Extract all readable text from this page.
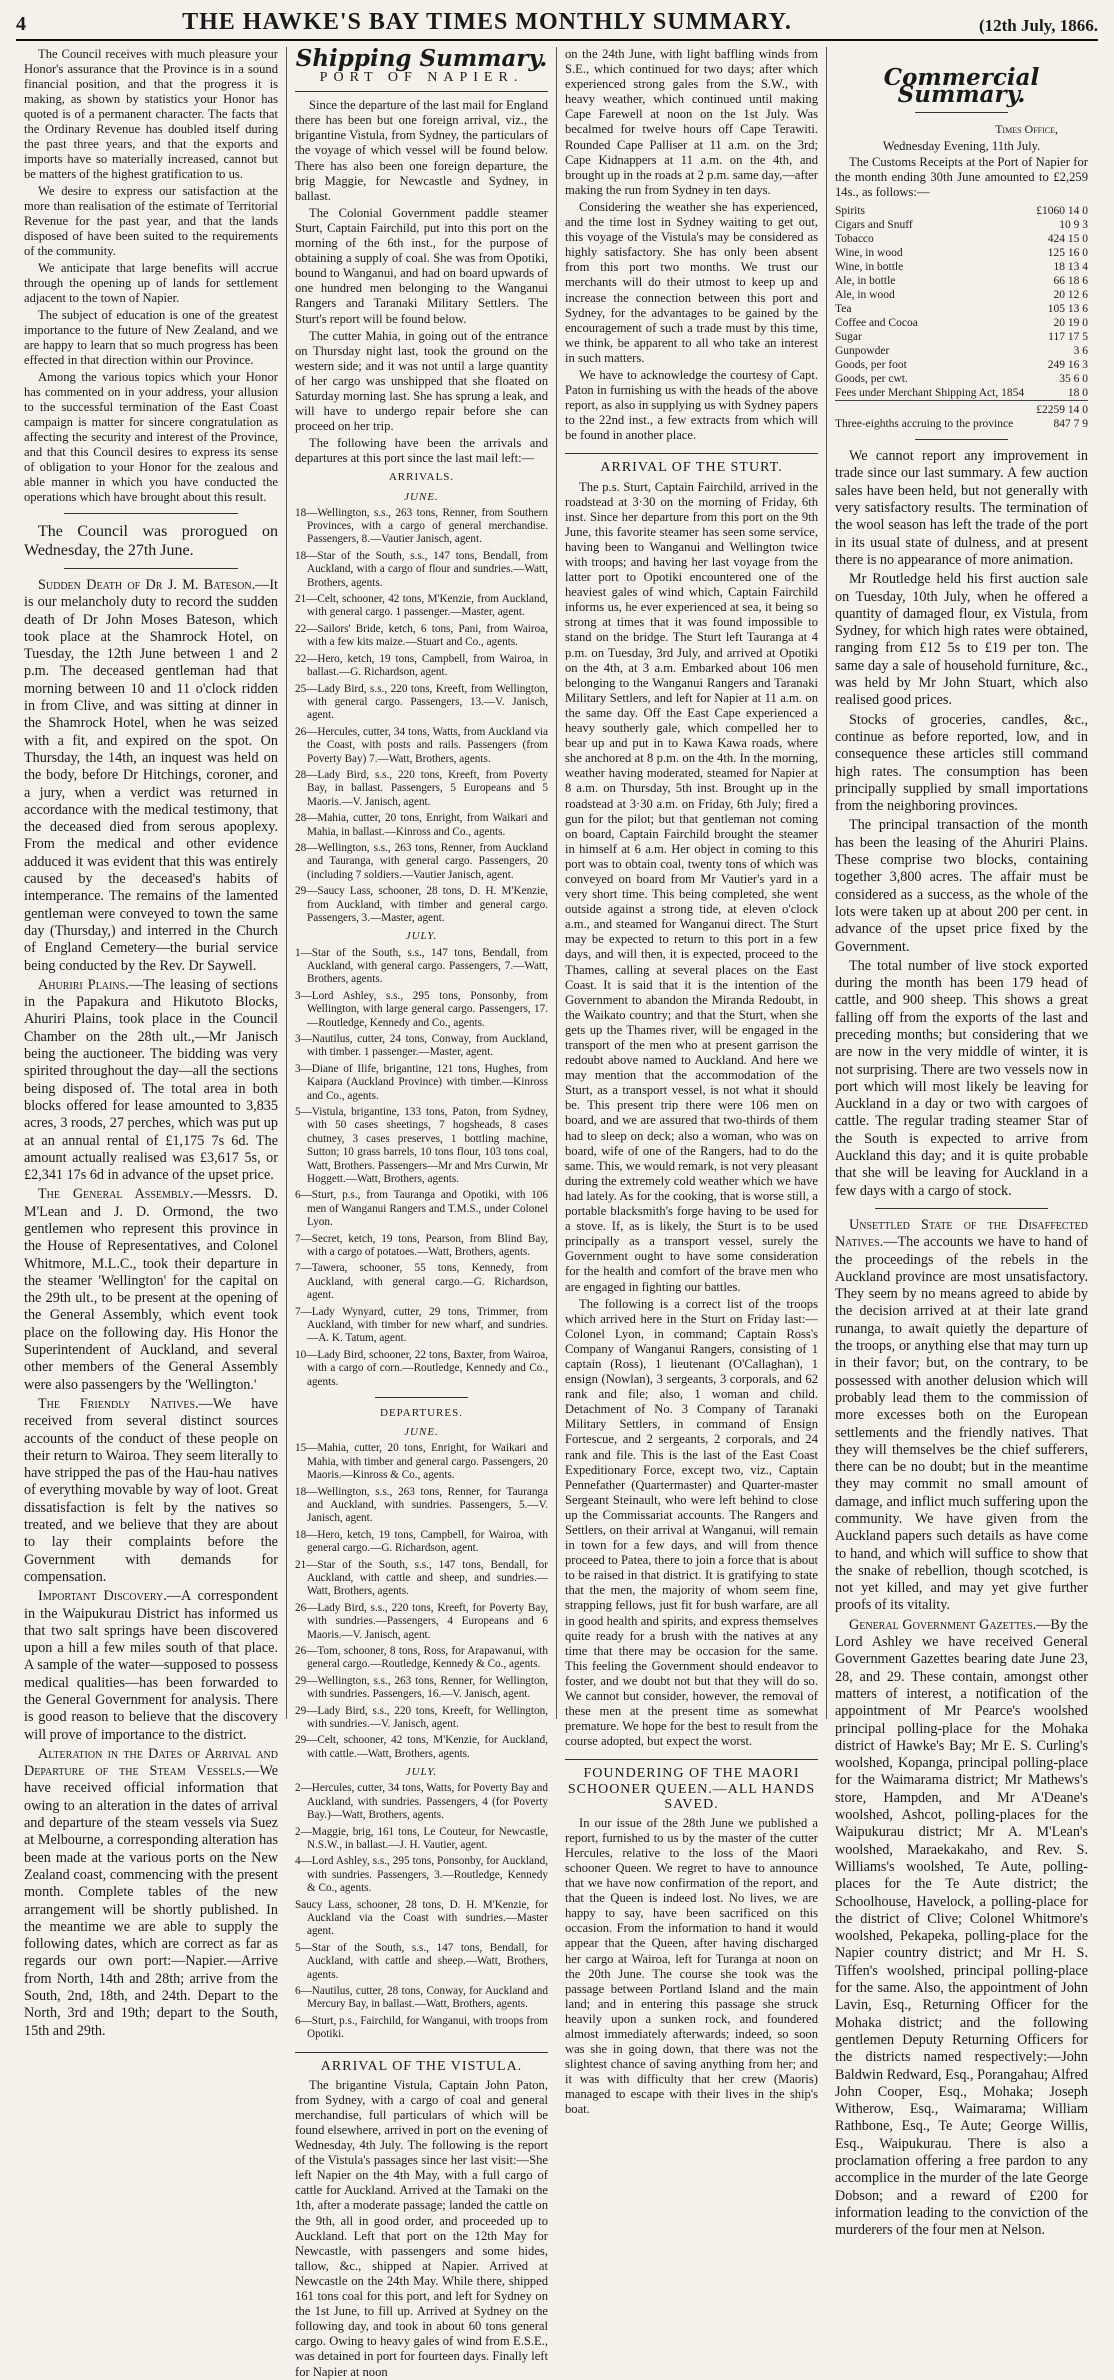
4	THE HAWKE'S BAY TIMES MONTHLY SUMMARY.	(12th July, 1866.

The Council receives with much pleasure your Honor's assurance that the Province is in a sound financial position, and that the progress it is making, as shown by statistics your Honor has quoted is of a permanent character. The facts that the Ordinary Revenue has doubled itself during the past three years, and that the exports and imports have so materially increased, cannot but be matters of the highest gratification to us.

We desire to express our satisfaction at the more than realisation of the estimate of Territorial Revenue for the past year, and that the lands disposed of have been suited to the requirements of the community.

We anticipate that large benefits will accrue through the opening up of lands for settlement adjacent to the town of Napier.

The subject of education is one of the greatest importance to the future of New Zealand, and we are happy to learn that so much progress has been effected in that direction within our Province.

Among the various topics which your Honor has commented on in your address, your allusion to the successful termination of the East Coast campaign is matter for sincere congratulation as affecting the security and interest of the Province, and that this Council desires to express its sense of obligation to your Honor for the zealous and able manner in which you have conducted the operations which have brought about this result.

The Council was prorogued on Wednesday, the 27th June.

Sudden Death of Dr J. M. Bateson.—It is our melancholy duty to record the sudden death of Dr John Moses Bateson, which took place at the Shamrock Hotel, on Tuesday, the 12th June between 1 and 2 p.m. The deceased gentleman had that morning between 10 and 11 o'clock ridden in from Clive, and was sitting at dinner in the Shamrock Hotel, when he was seized with a fit, and expired on the spot. On Thursday, the 14th, an inquest was held on the body, before Dr Hitchings, coroner, and a jury, when a verdict was returned in accordance with the medical testimony, that the deceased died from serous apoplexy. From the medical and other evidence adduced it was evident that this was entirely caused by the deceased's habits of intemperance. The remains of the lamented gentleman were conveyed to town the same day (Thursday,) and interred in the Church of England Cemetery—the burial service being conducted by the Rev. Dr Saywell.

Ahuriri Plains.—The leasing of sections in the Papakura and Hikutoto Blocks, Ahuriri Plains, took place in the Council Chamber on the 28th ult.,—Mr Janisch being the auctioneer. The bidding was very spirited throughout the day—all the sections being disposed of. The total area in both blocks offered for lease amounted to 3,835 acres, 3 roods, 27 perches, which was put up at an annual rental of £1,175 7s 6d. The amount actually realised was £3,617 5s, or £2,341 17s 6d in advance of the upset price.

The General Assembly.—Messrs. D. M'Lean and J. D. Ormond, the two gentlemen who represent this province in the House of Representatives, and Colonel Whitmore, M.L.C., took their departure in the steamer 'Wellington' for the capital on the 29th ult., to be present at the opening of the General Assembly, which event took place on the following day. His Honor the Superintendent of Auckland, and several other members of the General Assembly were also passengers by the 'Wellington.'

The Friendly Natives.—We have received from several distinct sources accounts of the conduct of these people on their return to Wairoa. They seem literally to have stripped the pas of the Hau-hau natives of everything movable by way of loot. Great dissatisfaction is felt by the natives so treated, and we believe that they are about to lay their complaints before the Government with demands for compensation.

Important Discovery.—A correspondent in the Waipukurau District has informed us that two salt springs have been discovered upon a hill a few miles south of that place. A sample of the water—supposed to possess medical qualities—has been forwarded to the General Government for analysis. There is good reason to believe that the discovery will prove of importance to the district.

Alteration in the Dates of Arrival and Departure of the Steam Vessels.—We have received official information that owing to an alteration in the dates of arrival and departure of the steam vessels via Suez at Melbourne, a corresponding alteration has been made at the various ports on the New Zealand coast, commencing with the present month. Complete tables of the new arrangement will be shortly published. In the meantime we are able to supply the following dates, which are correct as far as regards our own port:—Napier.—Arrive from North, 14th and 28th; arrive from the South, 2nd, 18th, and 24th. Depart to the North, 3rd and 19th; depart to the South, 15th and 29th.

Shipping Summary.
PORT OF NAPIER.

Since the departure of the last mail for England there has been but one foreign arrival, viz., the brigantine Vistula, from Sydney, the particulars of the voyage of which vessel will be found below. There has also been one foreign departure, the brig Maggie, for Newcastle and Sydney, in ballast.

The Colonial Government paddle steamer Sturt, Captain Fairchild, put into this port on the morning of the 6th inst., for the purpose of obtaining a supply of coal. She was from Opotiki, bound to Wanganui, and had on board upwards of one hundred men belonging to the Wanganui Rangers and Taranaki Military Settlers. The Sturt's report will be found below.

The cutter Mahia, in going out of the entrance on Thursday night last, took the ground on the western side; and it was not until a large quantity of her cargo was unshipped that she floated on Saturday morning last. She has sprung a leak, and will have to undergo repair before she can proceed on her trip.

The following have been the arrivals and departures at this port since the last mail left:—

ARRIVALS.
JUNE.
18—Wellington, s.s., 263 tons, Renner, from Southern Provinces, with a cargo of general merchandise. Passengers, 8.—Vautier Janisch, agent.
18—Star of the South, s.s., 147 tons, Bendall, from Auckland, with a cargo of flour and sundries.—Watt, Brothers, agents.
21—Celt, schooner, 42 tons, M'Kenzie, from Auckland, with general cargo. 1 passenger.—Master, agent.
22—Sailors' Bride, ketch, 6 tons, Pani, from Wairoa, with a few kits maize.—Stuart and Co., agents.
22—Hero, ketch, 19 tons, Campbell, from Wairoa, in ballast.—G. Richardson, agent.
25—Lady Bird, s.s., 220 tons, Kreeft, from Wellington, with general cargo. Passengers, 13.—V. Janisch, agent.
26—Hercules, cutter, 34 tons, Watts, from Auckland via the Coast, with posts and rails. Passengers (from Poverty Bay) 7.—Watt, Brothers, agents.
28—Lady Bird, s.s., 220 tons, Kreeft, from Poverty Bay, in ballast. Passengers, 5 Europeans and 5 Maoris.—V. Janisch, agent.
28—Mahia, cutter, 20 tons, Enright, from Waikari and Mahia, in ballast.—Kinross and Co., agents.
28—Wellington, s.s., 263 tons, Renner, from Auckland and Tauranga, with general cargo. Passengers, 20 (including 7 soldiers.—Vautier Janisch, agent.
29—Saucy Lass, schooner, 28 tons, D. H. M'Kenzie, from Auckland, with timber and general cargo. Passengers, 3.—Master, agent.
JULY.
1—Star of the South, s.s., 147 tons, Bendall, from Auckland, with general cargo. Passengers, 7.—Watt, Brothers, agents.
3—Lord Ashley, s.s., 295 tons, Ponsonby, from Wellington, with large general cargo. Passengers, 17.—Routledge, Kennedy and Co., agents.
3—Nautilus, cutter, 24 tons, Conway, from Auckland, with timber. 1 passenger.—Master, agent.
3—Diane of Ilife, brigantine, 121 tons, Hughes, from Kaipara (Auckland Province) with timber.—Kinross and Co., agents.
5—Vistula, brigantine, 133 tons, Paton, from Sydney, with 50 cases sheetings, 7 hogsheads, 8 cases chutney, 3 cases preserves, 1 bottling machine, Sutton; 10 grass barrels, 10 tons flour, 103 tons coal, Watt, Brothers. Passengers—Mr and Mrs Curwin, Mr Hoggett.—Watt, Brothers, agents.
6—Sturt, p.s., from Tauranga and Opotiki, with 106 men of Wanganui Rangers and T.M.S., under Colonel Lyon.
7—Secret, ketch, 19 tons, Pearson, from Blind Bay, with a cargo of potatoes.—Watt, Brothers, agents.
7—Tawera, schooner, 55 tons, Kennedy, from Auckland, with general cargo.—G. Richardson, agent.
7—Lady Wynyard, cutter, 29 tons, Trimmer, from Auckland, with timber for new wharf, and sundries.—A. K. Tatum, agent.
10—Lady Bird, schooner, 22 tons, Baxter, from Wairoa, with a cargo of corn.—Routledge, Kennedy and Co., agents.
DEPARTURES.
JUNE.
15—Mahia, cutter, 20 tons, Enright, for Waikari and Mahia, with timber and general cargo. Passengers, 20 Maoris.—Kinross & Co., agents.
18—Wellington, s.s., 263 tons, Renner, for Tauranga and Auckland, with sundries. Passengers, 5.—V. Janisch, agent.
18—Hero, ketch, 19 tons, Campbell, for Wairoa, with general cargo.—G. Richardson, agent.
21—Star of the South, s.s., 147 tons, Bendall, for Auckland, with cattle and sheep, and sundries.—Watt, Brothers, agents.
26—Lady Bird, s.s., 220 tons, Kreeft, for Poverty Bay, with sundries.—Passengers, 4 Europeans and 6 Maoris.—V. Janisch, agent.
26—Tom, schooner, 8 tons, Ross, for Arapawanui, with general cargo.—Routledge, Kennedy & Co., agents.
29—Wellington, s.s., 263 tons, Renner, for Wellington, with sundries. Passengers, 16.—V. Janisch, agent.
29—Lady Bird, s.s., 220 tons, Kreeft, for Wellington, with sundries.—V. Janisch, agent.
29—Celt, schooner, 42 tons, M'Kenzie, for Auckland, with cattle.—Watt, Brothers, agents.
JULY.
2—Hercules, cutter, 34 tons, Watts, for Poverty Bay and Auckland, with sundries. Passengers, 4 (for Poverty Bay.)—Watt, Brothers, agents.
2—Maggie, brig, 161 tons, Le Couteur, for Newcastle, N.S.W., in ballast.—J. H. Vautier, agent.
4—Lord Ashley, s.s., 295 tons, Ponsonby, for Auckland, with sundries. Passengers, 3.—Routledge, Kennedy & Co., agents.
Saucy Lass, schooner, 28 tons, D. H. M'Kenzie, for Auckland via the Coast with sundries.—Master agent.
5—Star of the South, s.s., 147 tons, Bendall, for Auckland, with cattle and sheep.—Watt, Brothers, agents.
6—Nautilus, cutter, 28 tons, Conway, for Auckland and Mercury Bay, in ballast.—Watt, Brothers, agents.
6—Sturt, p.s., Fairchild, for Wanganui, with troops from Opotiki.
ARRIVAL OF THE VISTULA.

The brigantine Vistula, Captain John Paton, from Sydney, with a cargo of coal and general merchandise, full particulars of which will be found elsewhere, arrived in port on the evening of Wednesday, 4th July. The following is the report of the Vistula's passages since her last visit:—She left Napier on the 4th May, with a full cargo of cattle for Auckland. Arrived at the Tamaki on the 1th, after a moderate passage; landed the cattle on the 9th, all in good order, and proceeded up to Auckland. Left that port on the 12th May for Newcastle, with passengers and some hides, tallow, &c., shipped at Napier. Arrived at Newcastle on the 24th May. While there, shipped 161 tons coal for this port, and left for Sydney on the 1st June, to fill up. Arrived at Sydney on the following day, and took in about 60 tons general cargo. Owing to heavy gales of wind from E.S.E., was detained in port for fourteen days. Finally left for Napier at noon

on the 24th June, with light baffling winds from S.E., which continued for two days; after which experienced strong gales from the S.W., with heavy weather, which continued until making Cape Farewell at noon on the 1st July. Was becalmed for twelve hours off Cape Terawiti. Rounded Cape Palliser at 11 a.m. on the 3rd; Cape Kidnappers at 11 a.m. on the 4th, and brought up in the roads at 2 p.m. same day,—after making the run from Sydney in ten days.

Considering the weather she has experienced, and the time lost in Sydney waiting to get out, this voyage of the Vistula's may be considered as highly satisfactory. She has only been absent from this port two months. We trust our merchants will do their utmost to keep up and increase the connection between this port and Sydney, for the advantages to be gained by the encouragement of such a trade must by this time, we think, be apparent to all who take an interest in such matters.

We have to acknowledge the courtesy of Capt. Paton in furnishing us with the heads of the above report, as also in supplying us with Sydney papers to the 22nd inst., a few extracts from which will be found in another place.

ARRIVAL OF THE STURT.

The p.s. Sturt, Captain Fairchild, arrived in the roadstead at 3·30 on the morning of Friday, 6th inst. Since her departure from this port on the 9th June, this favorite steamer has seen some service, having been to Wanganui and Wellington twice with troops; and having her last voyage from the latter port to Opotiki encountered one of the heaviest gales of wind which, Captain Fairchild informs us, he ever experienced at sea, it being so strong at times that it was found impossible to stand on the bridge. The Sturt left Tauranga at 4 p.m. on Tuesday, 3rd July, and arrived at Opotiki on the 4th, at 3 a.m. Embarked about 106 men belonging to the Wanganui Rangers and Taranaki Military Settlers, and left for Napier at 11 a.m. on the same day. Off the East Cape experienced a heavy southerly gale, which compelled her to bear up and put in to Kawa Kawa roads, where she anchored at 8 p.m. on the 4th. In the morning, weather having moderated, steamed for Napier at 8 a.m. on Thursday, 5th inst. Brought up in the roadstead at 3·30 a.m. on Friday, 6th July; fired a gun for the pilot; but that gentleman not coming on board, Captain Fairchild brought the steamer in himself at 6 a.m. Her object in coming to this port was to obtain coal, twenty tons of which was conveyed on board from Mr Vautier's yard in a very short time. This being completed, she went outside against a strong tide, at eleven o'clock a.m., and steamed for Wanganui direct. The Sturt may be expected to return to this port in a few days, and will then, it is expected, proceed to the Thames, calling at several places on the East Coast. It is said that it is the intention of the Government to abandon the Miranda Redoubt, in the Waikato country; and that the Sturt, when she gets up the Thames river, will be engaged in the transport of the men who at present garrison the redoubt above named to Auckland. And here we may mention that the accommodation of the Sturt, as a transport vessel, is not what it should be. This present trip there were 106 men on board, and we are assured that two-thirds of them had to sleep on deck; also a woman, who was on board, wife of one of the Rangers, had to do the same. This, we would remark, is not very pleasant during the extremely cold weather which we have had lately. As for the cooking, that is worse still, a portable blacksmith's forge having to be used for a stove. If, as is likely, the Sturt is to be used principally as a transport vessel, surely the Government ought to have some consideration for the health and comfort of the brave men who are engaged in fighting our battles.

The following is a correct list of the troops which arrived here in the Sturt on Friday last:—Colonel Lyon, in command; Captain Ross's Company of Wanganui Rangers, consisting of 1 captain (Ross), 1 lieutenant (O'Callaghan), 1 ensign (Nowlan), 3 sergeants, 3 corporals, and 62 rank and file; also, 1 woman and child. Detachment of No. 3 Company of Taranaki Military Settlers, in command of Ensign Fortescue, and 2 sergeants, 2 corporals, and 24 rank and file. This is the last of the East Coast Expeditionary Force, except two, viz., Captain Pennefather (Quartermaster) and Quarter-master Sergeant Steinault, who were left behind to close up the Commissariat accounts. The Rangers and Settlers, on their arrival at Wanganui, will remain in town for a few days, and will from thence proceed to Patea, there to join a force that is about to be raised in that district. It is gratifying to state that the men, the majority of whom seem fine, strapping fellows, just fit for bush warfare, are all in good health and spirits, and express themselves quite ready for a brush with the natives at any time that there may be occasion for the same. This feeling the Government should endeavor to foster, and we doubt not but that they will do so. We cannot but consider, however, the removal of these men at the present time as somewhat premature. We hope for the best to result from the course adopted, but expect the worst.

FOUNDERING OF THE MAORI SCHOONER QUEEN.—ALL HANDS SAVED.

In our issue of the 28th June we published a report, furnished to us by the master of the cutter Hercules, relative to the loss of the Maori schooner Queen. We regret to have to announce that we have now confirmation of the report, and that the Queen is indeed lost. No lives, we are happy to say, have been sacrificed on this occasion. From the information to hand it would appear that the Queen, after having discharged her cargo at Wairoa, left for Turanga at noon on the 20th June. The course she took was the passage between Portland Island and the main land; and in entering this passage she struck heavily upon a sunken rock, and foundered almost immediately afterwards; indeed, so soon was she in going down, that there was not the slightest chance of saving anything from her; and it was with difficulty that her crew (Maoris) managed to escape with their lives in the ship's boat.

Commercial Summary.
Times Office,
Wednesday Evening, 11th July.

The Customs Receipts at the Port of Napier for the month ending 30th June amounted to £2,259 14s., as follows:—

Spirits	£1060 14 0
Cigars and Snuff	10 9 3
Tobacco	424 15 0
Wine, in wood	125 16 0
Wine, in bottle	18 13 4
Ale, in bottle	66 18 6
Ale, in wood	20 12 6
Tea	105 13 6
Coffee and Cocoa	20 19 0
Sugar	117 17 5
Gunpowder	3 6
Goods, per foot	249 16 3
Goods, per cwt.	35 6 0
Fees under Merchant Shipping Act, 1854	18 0
	£2259 14 0
Three-eighths accruing to the province	847 7 9

We cannot report any improvement in trade since our last summary. A few auction sales have been held, but not generally with very satisfactory results. The termination of the wool season has left the trade of the port in its usual state of dulness, and at present there is no appearance of more animation.

Mr Routledge held his first auction sale on Tuesday, 10th July, when he offered a quantity of damaged flour, ex Vistula, from Sydney, for which high rates were obtained, ranging from £12 5s to £19 per ton. The same day a sale of household furniture, &c., was held by Mr John Stuart, which also realised good prices.

Stocks of groceries, candles, &c., continue as before reported, low, and in consequence these articles still command high rates. The consumption has been principally supplied by small importations from the neighboring provinces.

The principal transaction of the month has been the leasing of the Ahuriri Plains. These comprise two blocks, containing together 3,800 acres. The affair must be considered as a success, as the whole of the lots were taken up at about 200 per cent. in advance of the upset price fixed by the Government.

The total number of live stock exported during the month has been 179 head of cattle, and 900 sheep. This shows a great falling off from the exports of the last and preceding months; but considering that we are now in the very middle of winter, it is not surprising. There are two vessels now in port which will most likely be leaving for Auckland in a day or two with cargoes of cattle. The regular trading steamer Star of the South is expected to arrive from Auckland this day; and it is quite probable that she will be leaving for Auckland in a few days with a cargo of stock.

Unsettled State of the Disaffected Natives.—The accounts we have to hand of the proceedings of the rebels in the Auckland province are most unsatisfactory. They seem by no means agreed to abide by the decision arrived at at their late grand runanga, to await quietly the departure of the troops, or anything else that may turn up in their favor; but, on the contrary, to be possessed with another delusion which will probably lead them to the commission of more excesses both on the European settlements and the friendly natives. That they will themselves be the chief sufferers, there can be no doubt; but in the meantime they may commit no small amount of damage, and inflict much suffering upon the community. We have given from the Auckland papers such details as have come to hand, and which will suffice to show that the snake of rebellion, though scotched, is not yet killed, and may yet give further proofs of its vitality.

General Government Gazettes.—By the Lord Ashley we have received General Government Gazettes bearing date June 23, 28, and 29. These contain, amongst other matters of interest, a notification of the appointment of Mr Pearce's woolshed principal polling-place for the Mohaka district of Hawke's Bay; Mr E. S. Curling's woolshed, Kopanga, principal polling-place for the Waimarama district; Mr Mathews's store, Hampden, and Mr A'Deane's woolshed, Ashcot, polling-places for the Waipukurau district; Mr A. M'Lean's woolshed, Maraekakaho, and Rev. S. Williams's woolshed, Te Aute, polling-places for the Te Aute district; the Schoolhouse, Havelock, a polling-place for the district of Clive; Colonel Whitmore's woolshed, Pekapeka, polling-place for the Napier country district; and Mr H. S. Tiffen's woolshed, principal polling-place for the same. Also, the appointment of John Lavin, Esq., Returning Officer for the Mohaka district; and the following gentlemen Deputy Returning Officers for the districts named respectively:—John Baldwin Redward, Esq., Porangahau; Alfred John Cooper, Esq., Mohaka; Joseph Witherow, Esq., Waimarama; William Rathbone, Esq., Te Aute; George Willis, Esq., Waipukurau. There is also a proclamation offering a free pardon to any accomplice in the murder of the late George Dobson; and a reward of £200 for information leading to the conviction of the murderers of the four men at Nelson.
